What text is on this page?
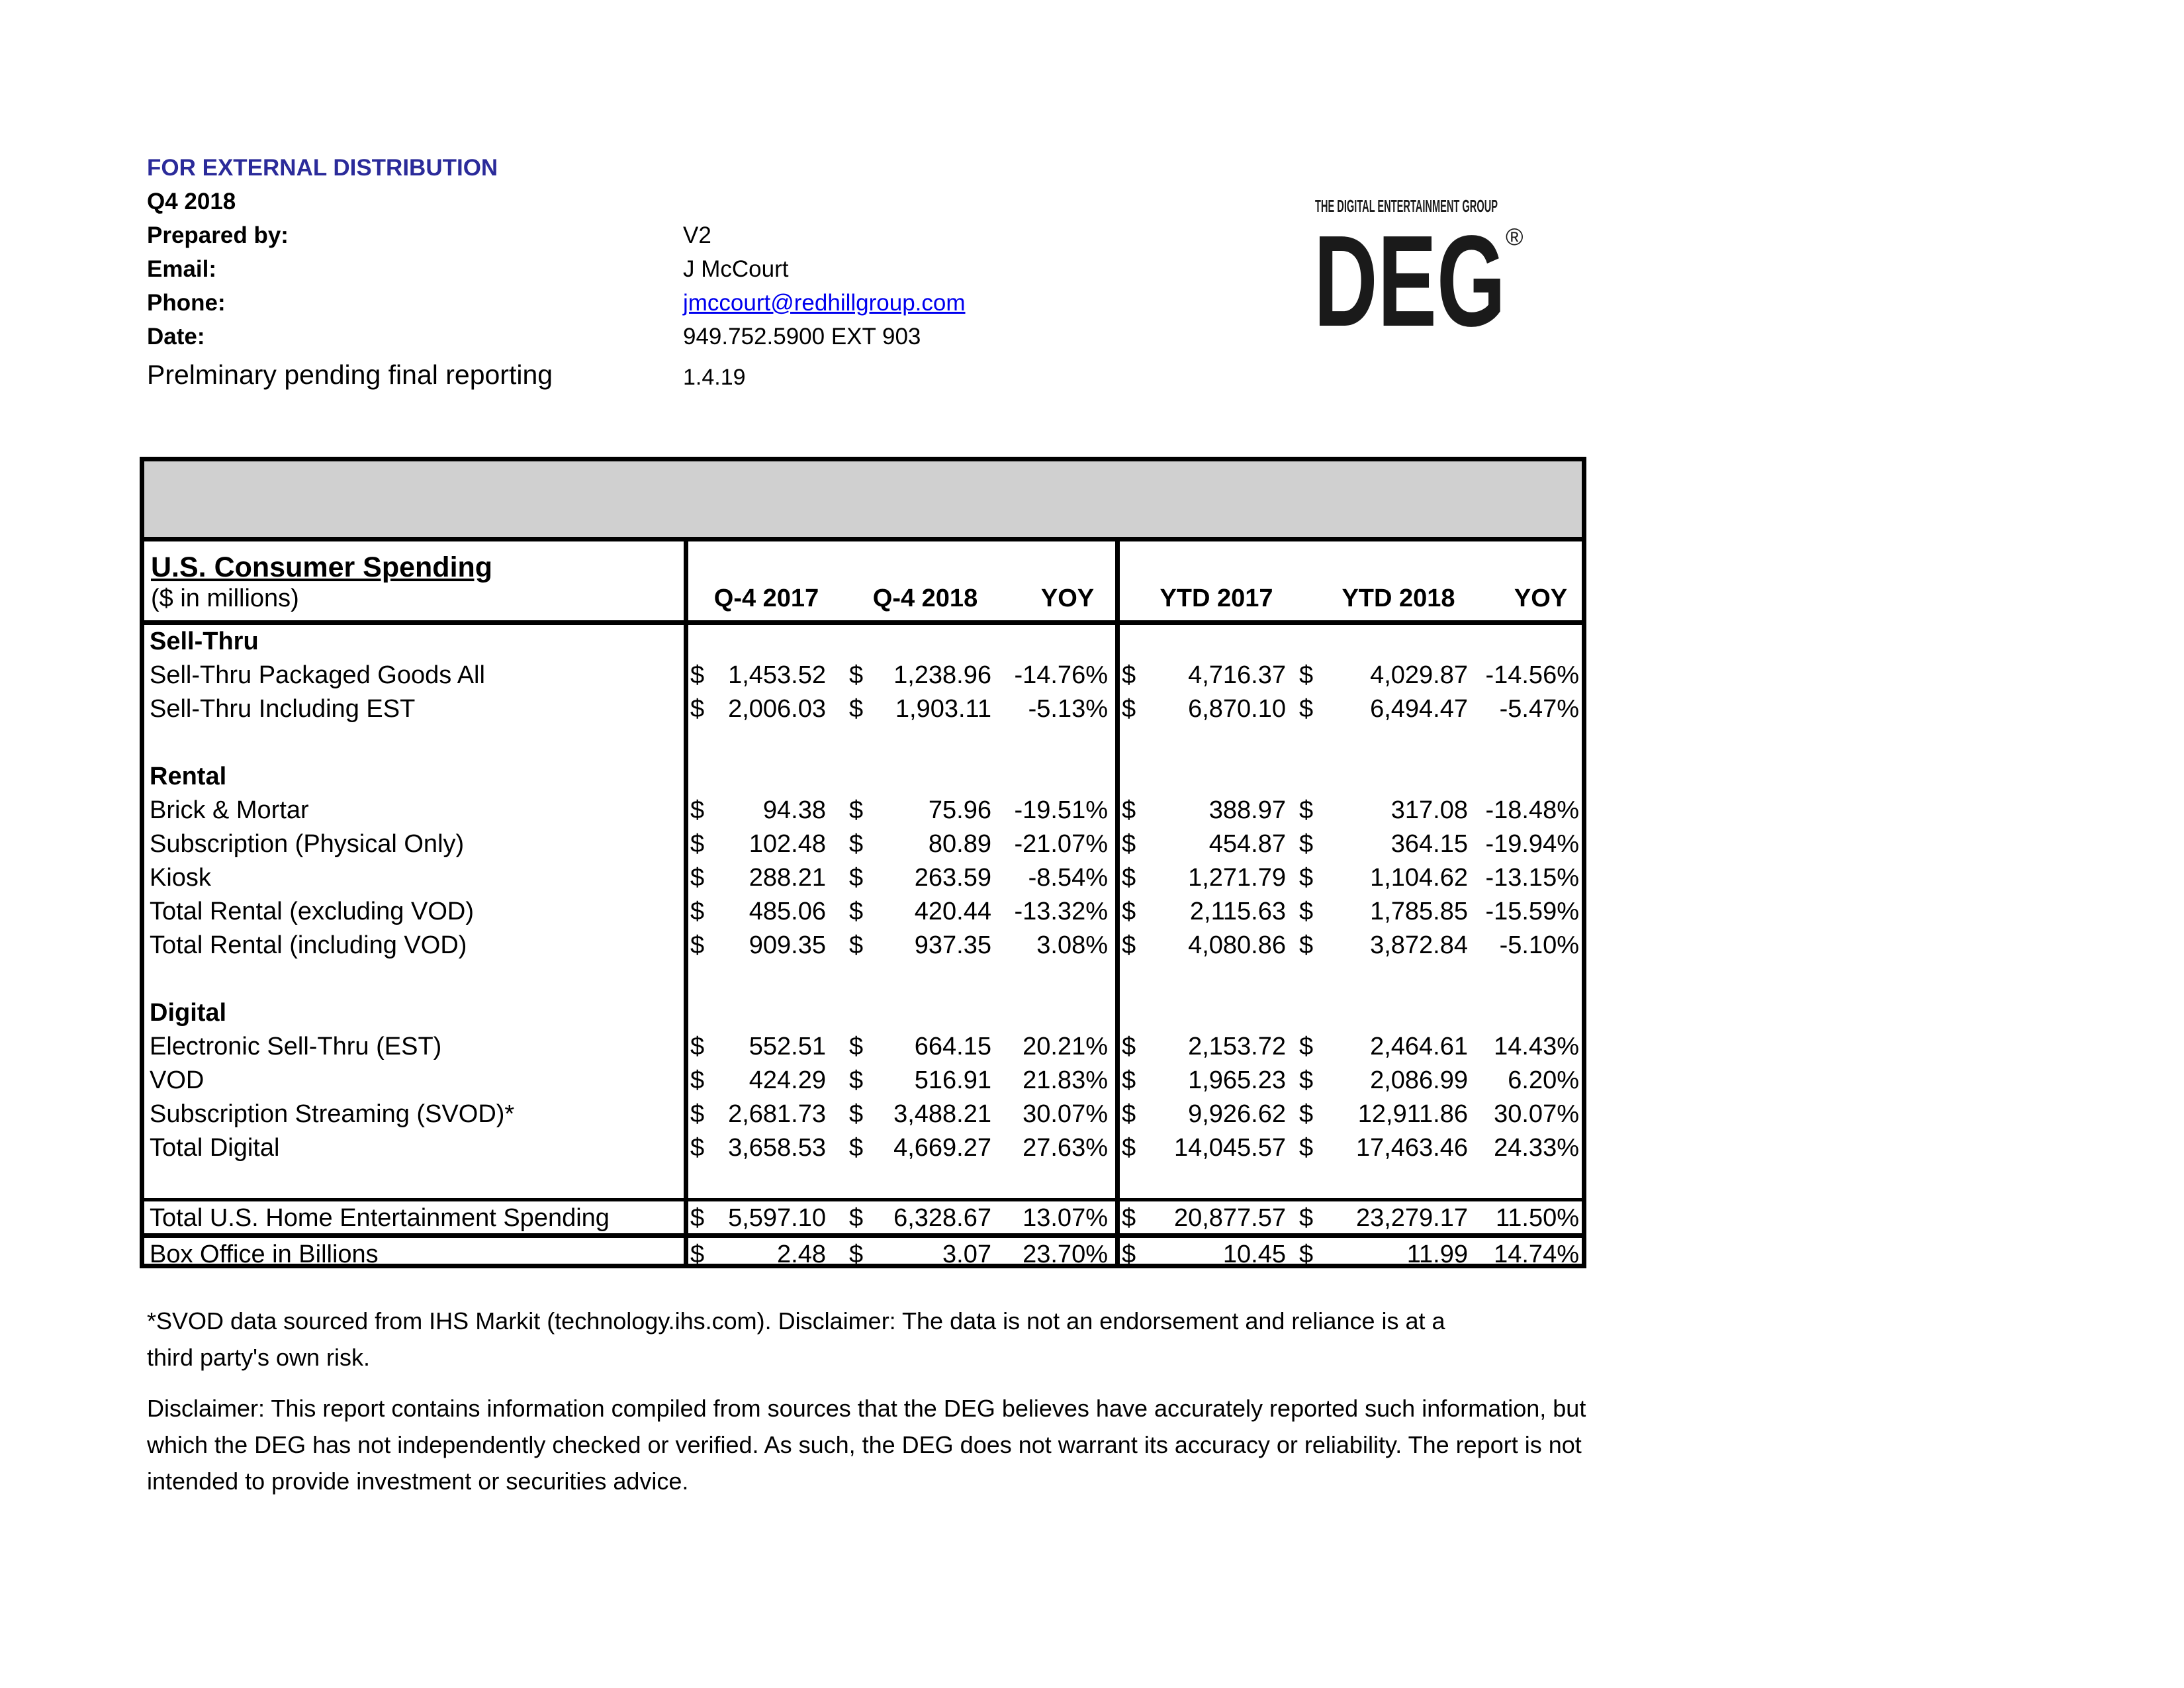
FOR EXTERNAL DISTRIBUTION
Q4 2018
Prepared by:	V2
Email:	J McCourt
Phone:	jmccourt@redhillgroup.com
Date:	949.752.5900 EXT 903
Prelminary pending final reporting	1.4.19
THE DIGITAL ENTERTAINMENT GROUP
DEG ®
U.S. Consumer Spending
($ in millions)	Q-4 2017	Q-4 2018	YOY	YTD 2017	YTD 2018	YOY
Sell-Thru
Sell-Thru Packaged Goods All	$ 1,453.52 $ 1,238.96 -14.76% $ 4,716.37 $ 4,029.87 -14.56%
Sell-Thru Including EST	$ 2,006.03 $ 1,903.11 -5.13% $ 6,870.10 $ 6,494.47 -5.47%
Rental
Brick & Mortar	$ 94.38 $	75.96 -19.51% $	388.97 $	317.08 -18.48%
Subscription (Physical Only)	$ 102.48 $	80.89 -21.07% $	454.87 $	364.15 -19.94%
Kiosk	$ 288.21 $ 263.59 -8.54% $ 1,271.79 $ 1,104.62 -13.15%
Total Rental (excluding VOD)	$ 485.06 $ 420.44 -13.32% $ 2,115.63 $ 1,785.85 -15.59%
Total Rental (including VOD)	$ 909.35 $ 937.35 3.08% $ 4,080.86 $ 3,872.84 -5.10%
Digital
Electronic Sell-Thru (EST)	$ 552.51 $ 664.15 20.21% $ 2,153.72 $ 2,464.61 14.43%
VOD	$ 424.29 $ 516.91 21.83% $ 1,965.23 $ 2,086.99 6.20%
Subscription Streaming (SVOD)*	$ 2,681.73 $ 3,488.21 30.07% $ 9,926.62 $ 12,911.86 30.07%
Total Digital	$ 3,658.53 $ 4,669.27 27.63% $ 14,045.57 $ 17,463.46 24.33%
Total U.S. Home Entertainment Spending	$ 5,597.10 $ 6,328.67 13.07% $ 20,877.57 $ 23,279.17 11.50%
Box Office in Billions	$	2.48 $	3.07 23.70% $	10.45 $	11.99 14.74%
*SVOD data sourced from IHS Markit (technology.ihs.com). Disclaimer: The data is not an endorsement and reliance is at a
third party's own risk.
Disclaimer: This report contains information compiled from sources that the DEG believes have accurately reported such information, but
which the DEG has not independently checked or verified. As such, the DEG does not warrant its accuracy or reliability. The report is not
intended to provide investment or securities advice.
